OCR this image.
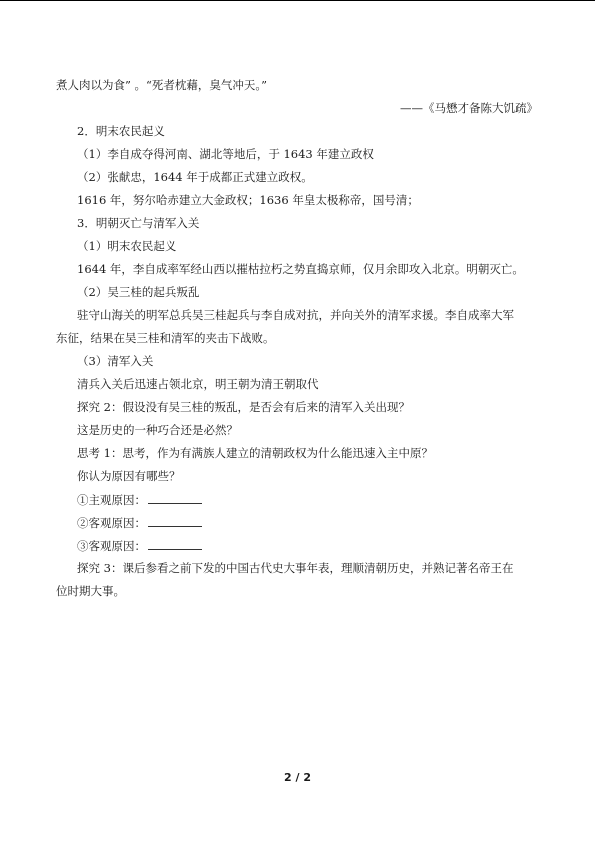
煮人肉以为食” 。“死者枕藉，臭气冲天。”
——《马懋才备陈大饥疏》
2．明末农民起义
（1）李自成夺得河南、湖北等地后，于 1643 年建立政权
（2）张献忠，1644 年于成都正式建立政权。
1616 年，努尔哈赤建立大金政权；1636 年皇太极称帝，国号清；
3．明朝灭亡与清军入关
（1）明末农民起义
1644 年，李自成率军经山西以摧枯拉朽之势直捣京师，仅月余即攻入北京。明朝灭亡。
（2）吴三桂的起兵叛乱
驻守山海关的明军总兵吴三桂起兵与李自成对抗，并向关外的清军求援。李自成率大军
东征，结果在吴三桂和清军的夹击下战败。
（3）清军入关
清兵入关后迅速占领北京，明王朝为清王朝取代
探究 2：假设没有吴三桂的叛乱，是否会有后来的清军入关出现？
这是历史的一种巧合还是必然？
思考 1：思考，作为有满族人建立的清朝政权为什么能迅速入主中原？
你认为原因有哪些？
①主观原因：
②客观原因：
③客观原因：
探究 3：课后参看之前下发的中国古代史大事年表，理顺清朝历史，并熟记著名帝王在
位时期大事。
2 / 2
